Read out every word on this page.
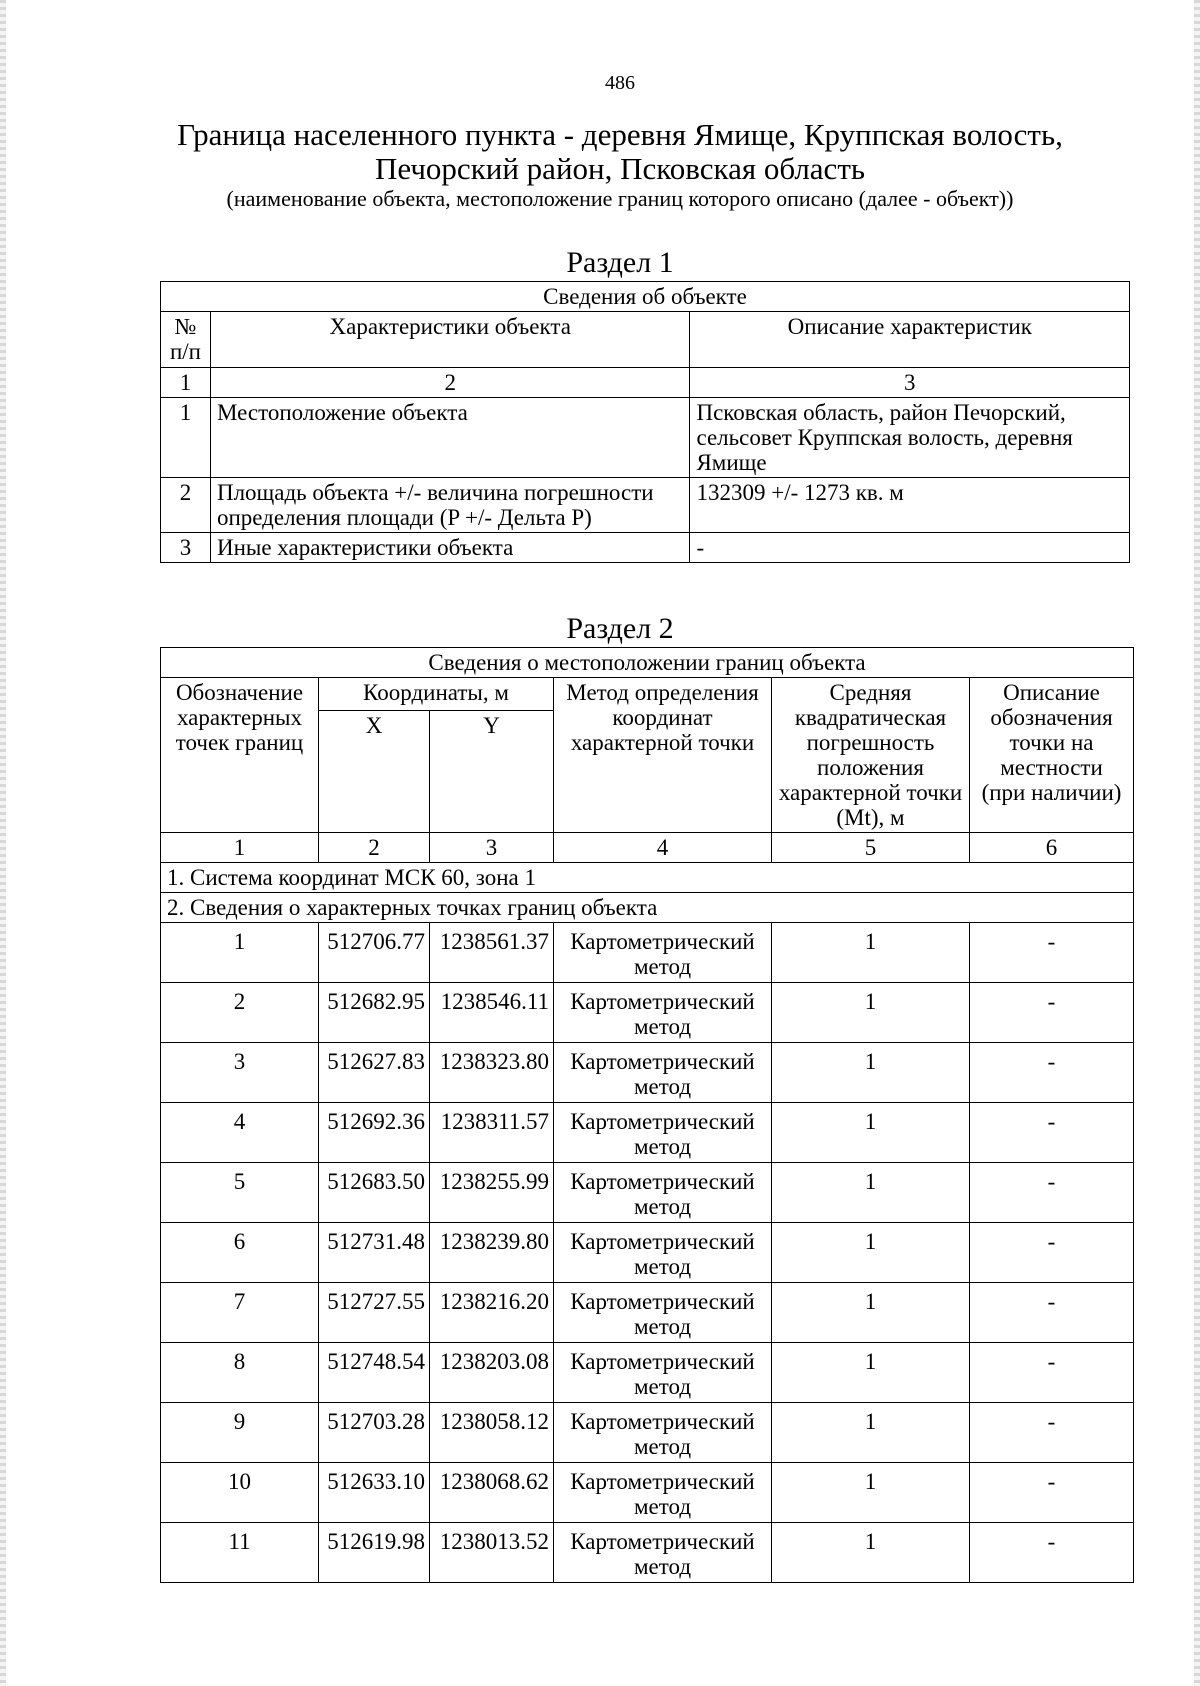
486
Граница населенного пункта - деревня Ямище, Круппская волость,
Печорский район, Псковская область
(наименование объекта, местоположение границ которого описано (далее - объект))
Раздел 1
Сведения об объекте		
№ п/п	Характеристики объекта	Описание характеристик
1	2	3
1	Местоположение объекта	Псковская область, район Печорский, сельсовет Круппская волость, деревня Ямище
2	Площадь объекта +/- величина погрешности определения площади (P +/- Дельта P)	132309 +/- 1273 кв. м
3	Иные характеристики объекта	-
Раздел 2
Сведения о местоположении границ объекта					
Обозначение характерных точек границ	Координаты, м		Метод определения координат характерной точки	Средняя квадратическая погрешность положения характерной точки (Mt), м	Описание обозначения точки на местности (при наличии)
	X	Y			
1	2	3	4	5	6
1. Система координат МСК 60, зона 1					
2. Сведения о характерных точках границ объекта					
1	512706.77	1238561.37	Картометрический метод	1	-
2	512682.95	1238546.11	Картометрический метод	1	-
3	512627.83	1238323.80	Картометрический метод	1	-
4	512692.36	1238311.57	Картометрический метод	1	-
5	512683.50	1238255.99	Картометрический метод	1	-
6	512731.48	1238239.80	Картометрический метод	1	-
7	512727.55	1238216.20	Картометрический метод	1	-
8	512748.54	1238203.08	Картометрический метод	1	-
9	512703.28	1238058.12	Картометрический метод	1	-
10	512633.10	1238068.62	Картометрический метод	1	-
11	512619.98	1238013.52	Картометрический метод	1	-
